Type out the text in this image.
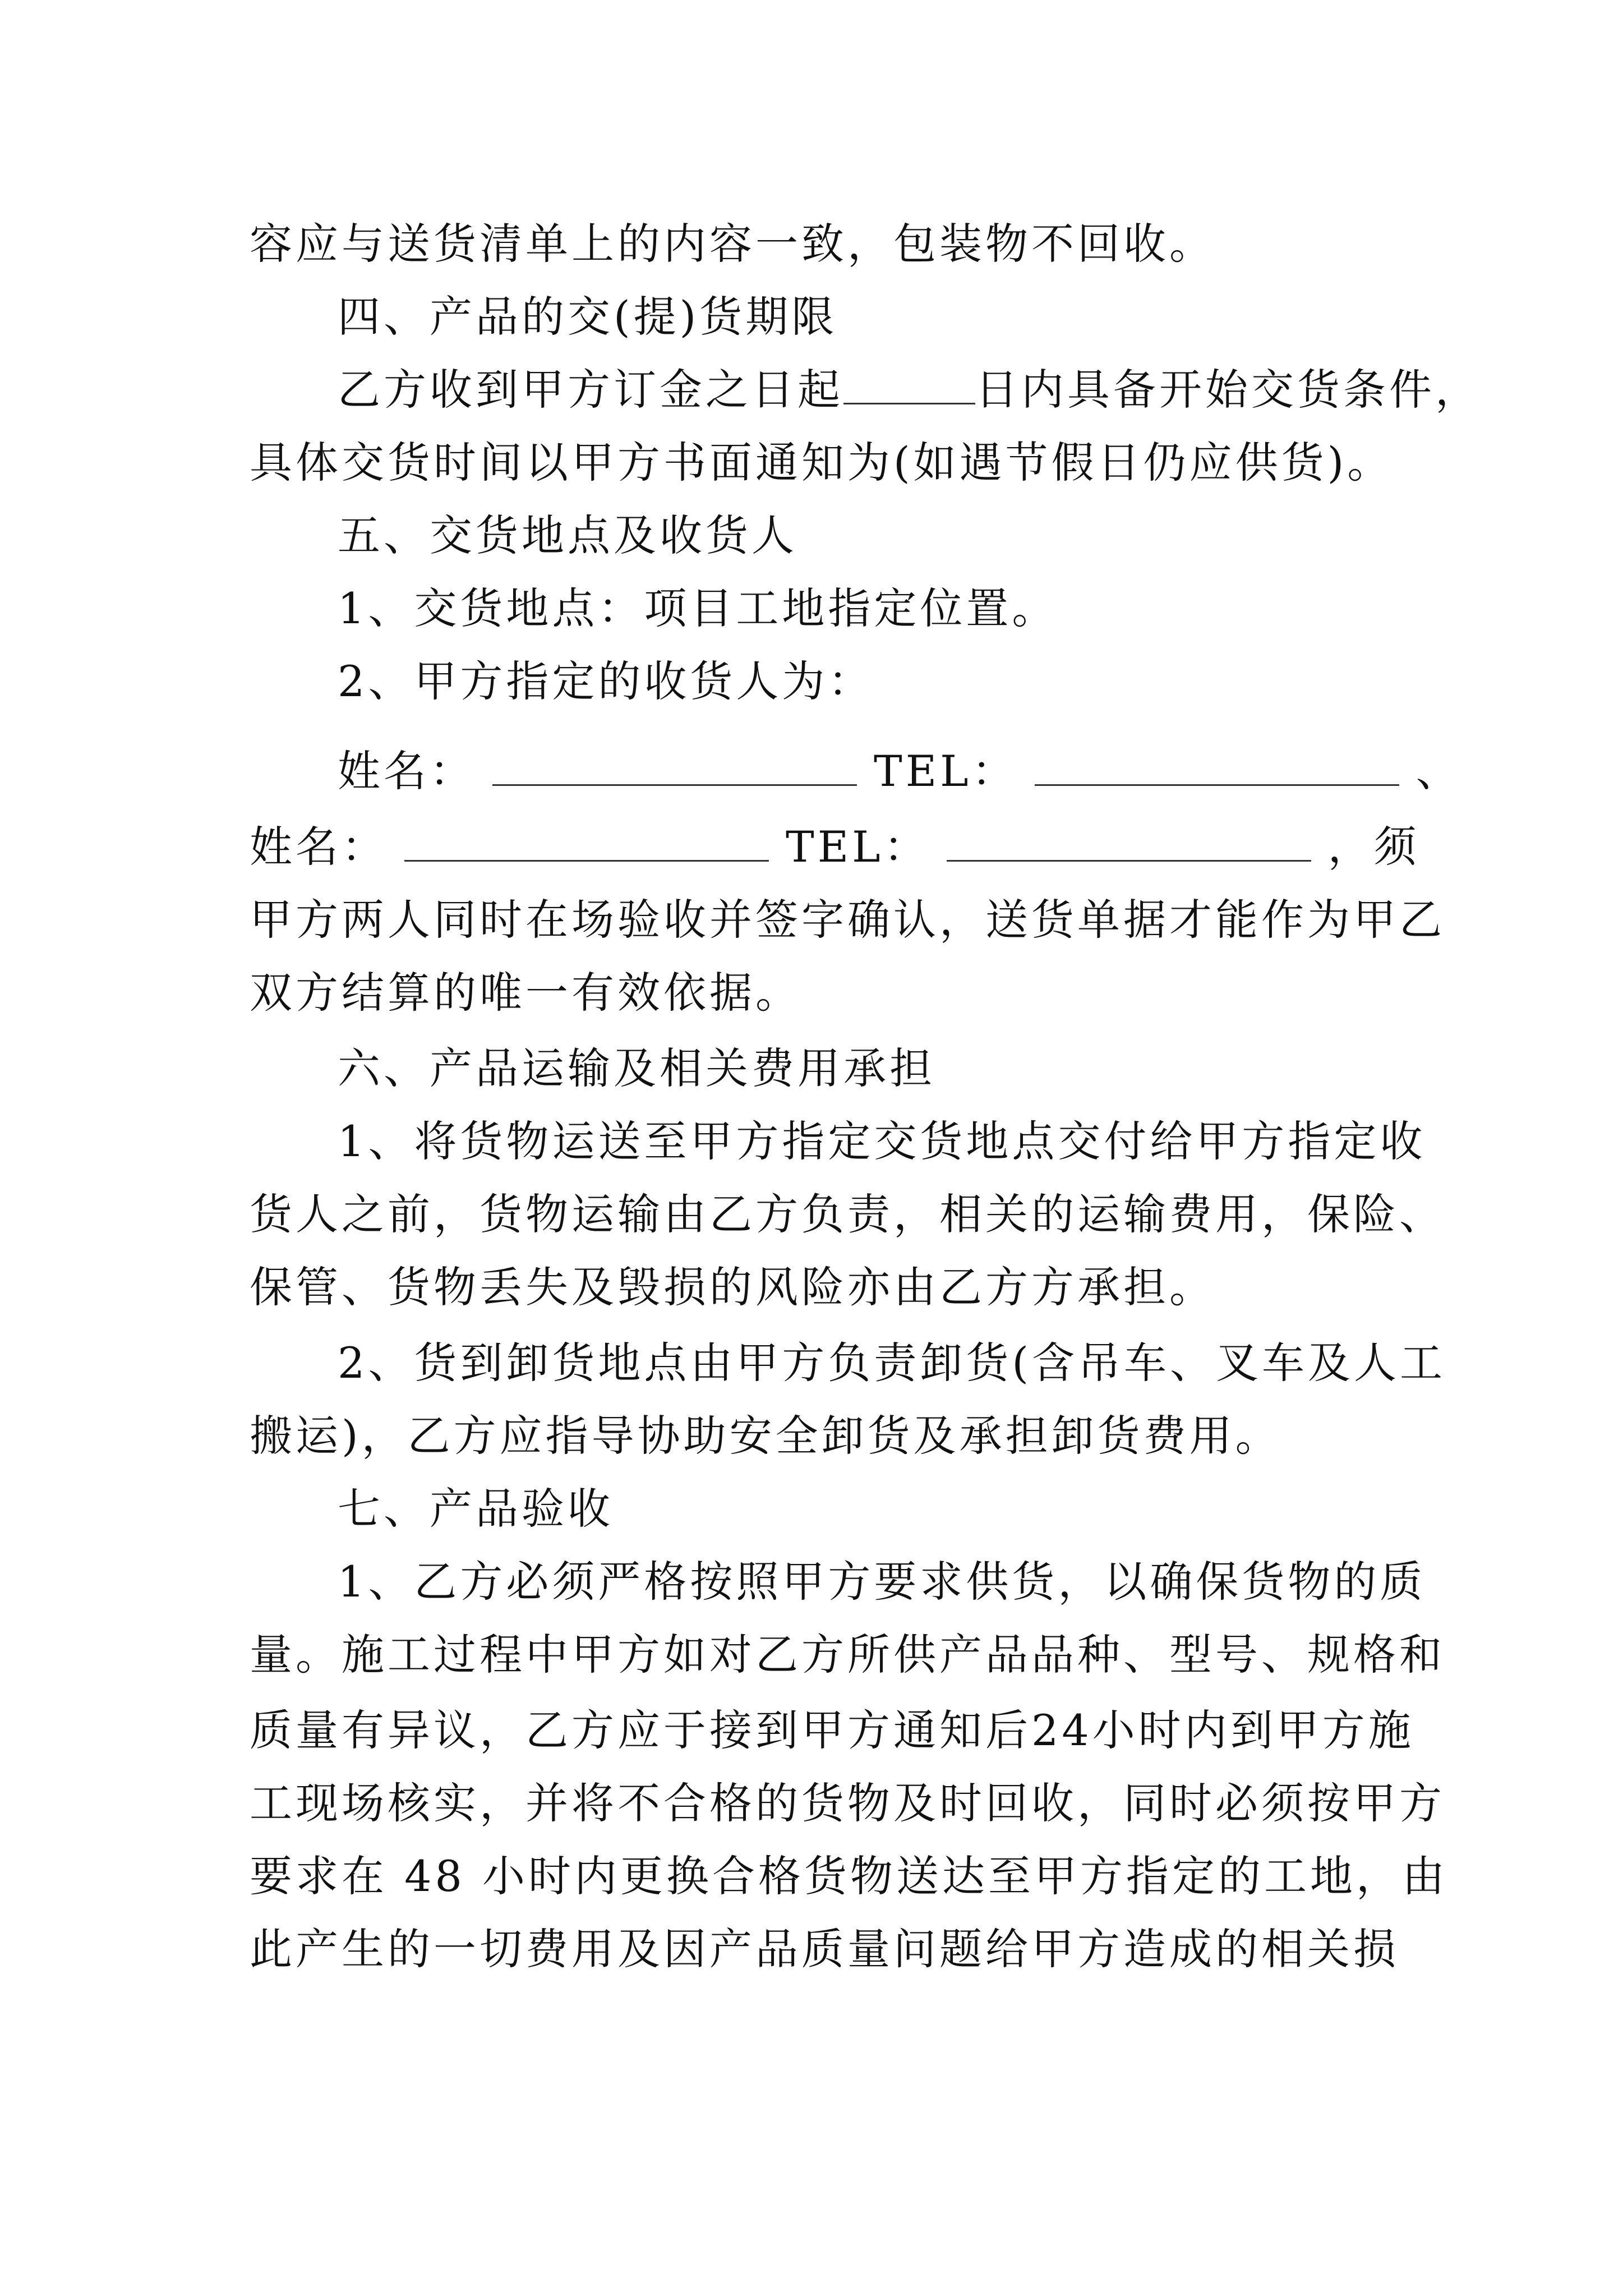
容应与送货清单上的内容一致，包装物不回收。
四、产品的交(提)货期限
乙方收到甲方订金之日起	日内具备开始交货条件，
具体交货时间以甲方书面通知为(如遇节假日仍应供货)。
五、交货地点及收货人
1、交货地点：项目工地指定位置。
2、甲方指定的收货人为：
姓名：	TEL：	、
姓名：	TEL：	，须
甲方两人同时在场验收并签字确认，送货单据才能作为甲乙
双方结算的唯一有效依据。
六、产品运输及相关费用承担
1、将货物运送至甲方指定交货地点交付给甲方指定收
货人之前，货物运输由乙方负责，相关的运输费用，保险、
保管、货物丢失及毁损的风险亦由乙方方承担。
2、货到卸货地点由甲方负责卸货(含吊车、叉车及人工
搬运)，乙方应指导协助安全卸货及承担卸货费用。
七、产品验收
1、乙方必须严格按照甲方要求供货，以确保货物的质
量。施工过程中甲方如对乙方所供产品品种、型号、规格和
质量有异议，乙方应于接到甲方通知后24小时内到甲方施
工现场核实，并将不合格的货物及时回收，同时必须按甲方
要求在 48 小时内更换合格货物送达至甲方指定的工地，由
此产生的一切费用及因产品质量问题给甲方造成的相关损
